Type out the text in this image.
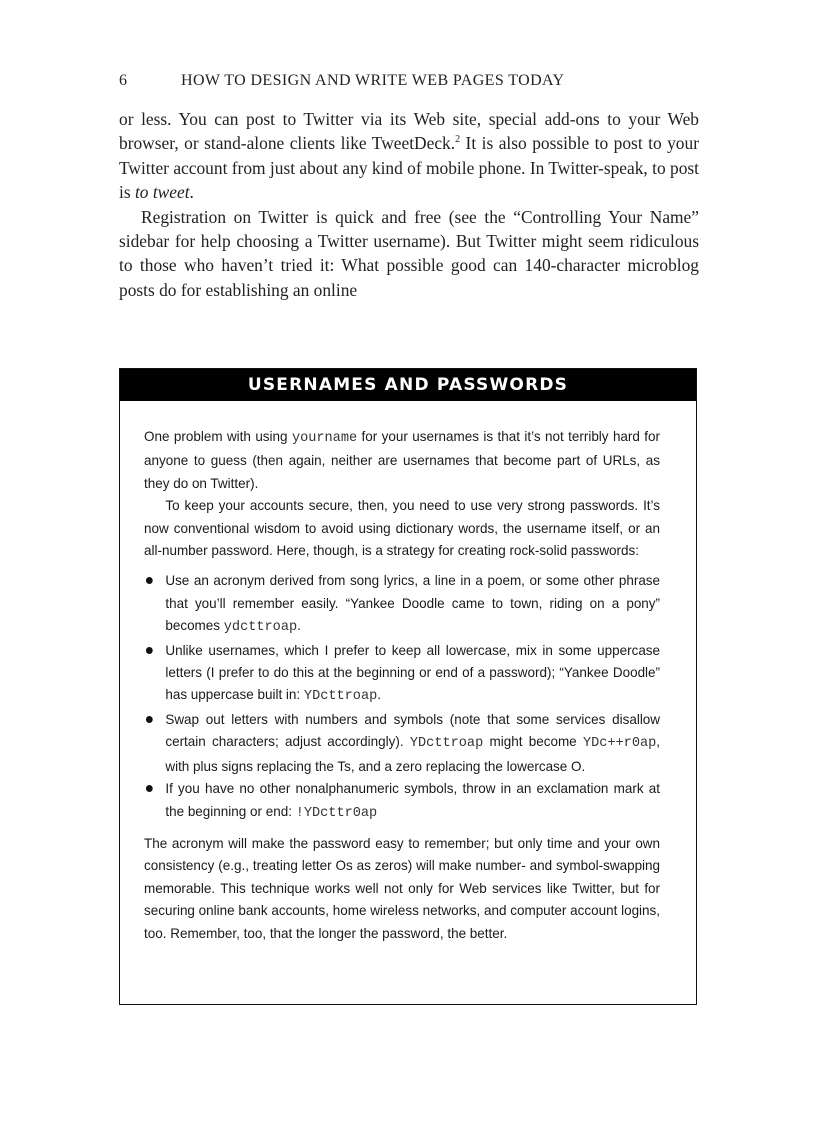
6	HOW TO DESIGN AND WRITE WEB PAGES TODAY

or less. You can post to Twitter via its Web site, special add-ons to your Web browser, or stand-alone clients like TweetDeck.$^2$ It is also possible to post to your Twitter account from just about any kind of mobile phone. In Twitter-speak, to post is to tweet.

Registration on Twitter is quick and free (see the “Controlling Your Name” sidebar for help choosing a Twitter username). But Twitter might seem ridiculous to those who haven’t tried it: What possible good can 140-character microblog posts do for establishing an online

USERNAMES AND PASSWORDS

One problem with using yourname for your usernames is that it’s not terribly hard for anyone to guess (then again, neither are usernames that become part of URLs, as they do on Twitter).

To keep your accounts secure, then, you need to use very strong passwords. It’s now conventional wisdom to avoid using dictionary words, the username itself, or an all-number password. Here, though, is a strategy for creating rock-solid passwords:

Use an acronym derived from song lyrics, a line in a poem, or some other phrase that you’ll remember easily. “Yankee Doodle came to town, riding on a pony” becomes ydcttroap.
Unlike usernames, which I prefer to keep all lowercase, mix in some uppercase letters (I prefer to do this at the beginning or end of a password); “Yankee Doodle” has uppercase built in: YDcttroap.
Swap out letters with numbers and symbols (note that some services disallow certain characters; adjust accordingly). YDcttroap might become YDc++r0ap, with plus signs replacing the Ts, and a zero replacing the lowercase O.
If you have no other nonalphanumeric symbols, throw in an exclamation mark at the beginning or end: !YDcttr0ap

The acronym will make the password easy to remember; but only time and your own consistency (e.g., treating letter Os as zeros) will make number- and symbol-swapping memorable. This technique works well not only for Web services like Twitter, but for securing online bank accounts, home wireless networks, and computer account logins, too. Remember, too, that the longer the password, the better.
